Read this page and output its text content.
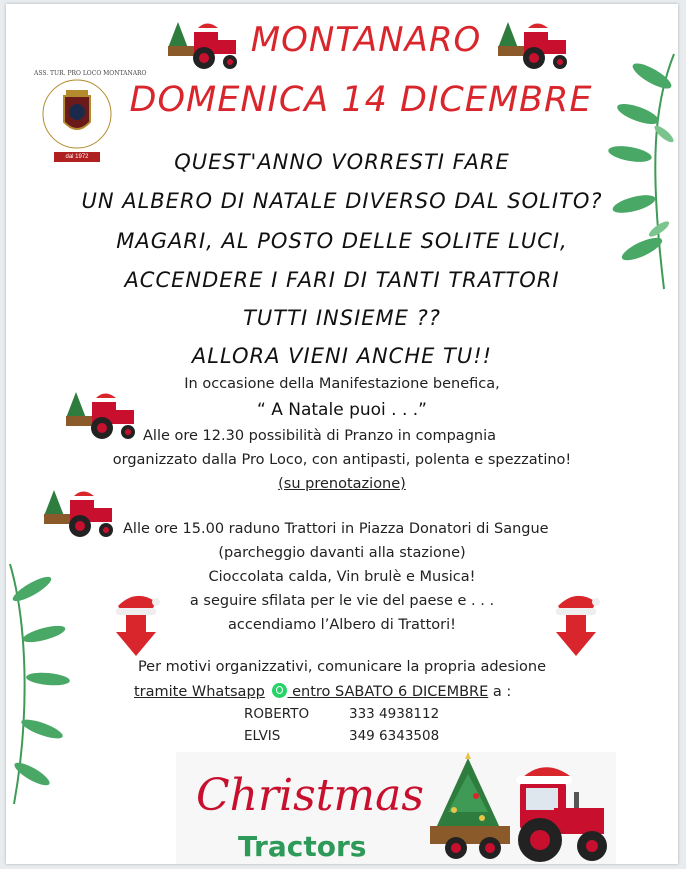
MONTANARO
DOMENICA 14 DICEMBRE
ASS. TUR. PRO LOCO MONTANARO
dal 1972	QUEST'ANNO VORRESTI FARE
UN ALBERO DI NATALE DIVERSO DAL SOLITO?
MAGARI, AL POSTO DELLE SOLITE LUCI,
ACCENDERE I FARI DI TANTI TRATTORI
TUTTI INSIEME ??
ALLORA VIENI ANCHE TU!!
In occasione della Manifestazione benefica,
“ A Natale puoi . . .”
Alle ore 12.30 possibilità di Pranzo in compagnia
organizzato dalla Pro Loco, con antipasti, polenta e spezzatino!
(su prenotazione)
Alle ore 15.00 raduno Trattori in Piazza Donatori di Sangue
(parcheggio davanti alla stazione)
Cioccolata calda, Vin brulè e Musica!
a seguire sfilata per le vie del paese e . . .
accendiamo l’Albero di Trattori!
Per motivi organizzativi, comunicare la propria adesione
tramite Whatsapp
entro SABATO 6 DICEMBRE a :
ROBERTO	333 4938112
ELVIS	349 6343508
Christmas
Tractors
